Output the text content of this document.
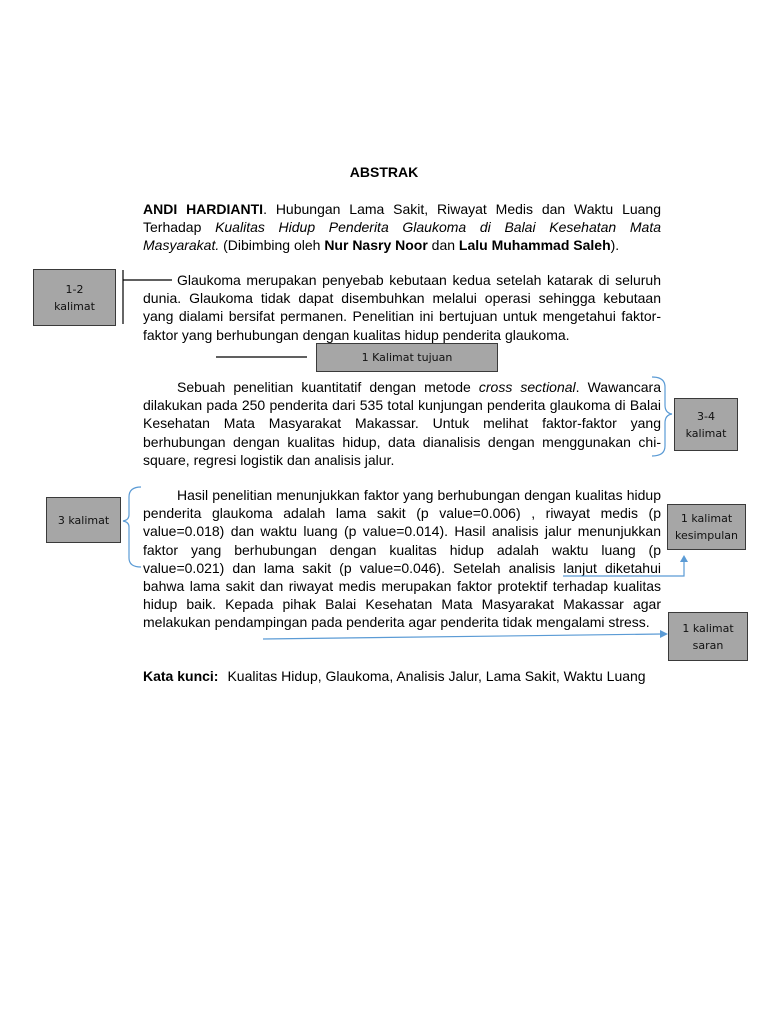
ABSTRAK

ANDI HARDIANTI. Hubungan Lama Sakit, Riwayat Medis dan Waktu Luang Terhadap Kualitas Hidup Penderita Glaukoma di Balai Kesehatan Mata Masyarakat. (Dibimbing oleh Nur Nasry Noor dan Lalu Muhammad Saleh).

Glaukoma merupakan penyebab kebutaan kedua setelah katarak di seluruh dunia. Glaukoma tidak dapat disembuhkan melalui operasi sehingga kebutaan yang dialami bersifat permanen. Penelitian ini bertujuan untuk mengetahui faktor-faktor yang berhubungan dengan kualitas hidup penderita glaukoma.

Sebuah penelitian kuantitatif dengan metode cross sectional. Wawancara dilakukan pada 250 penderita dari 535 total kunjungan penderita glaukoma di Balai Kesehatan Mata Masyarakat Makassar. Untuk melihat faktor-faktor yang berhubungan dengan kualitas hidup, data dianalisis dengan menggunakan chi-square, regresi logistik dan analisis jalur.

Hasil penelitian menunjukkan faktor yang berhubungan dengan kualitas hidup penderita glaukoma adalah lama sakit (p value=0.006) , riwayat medis (p value=0.018) dan waktu luang (p value=0.014). Hasil analisis jalur menunjukkan faktor yang berhubungan dengan kualitas hidup adalah waktu luang (p value=0.021) dan lama sakit (p value=0.046). Setelah analisis lanjut diketahui bahwa lama sakit dan riwayat medis merupakan faktor protektif terhadap kualitas hidup baik. Kepada pihak Balai Kesehatan Mata Masyarakat Makassar agar melakukan pendampingan pada penderita agar penderita tidak mengalami stress.

Kata kunci:	Kualitas Hidup, Glaukoma, Analisis Jalur, Lama Sakit, Waktu Luang
1-2
kalimat
1 Kalimat tujuan
3-4
kalimat
3 kalimat	1 kalimat
kesimpulan
1 kalimat
saran
